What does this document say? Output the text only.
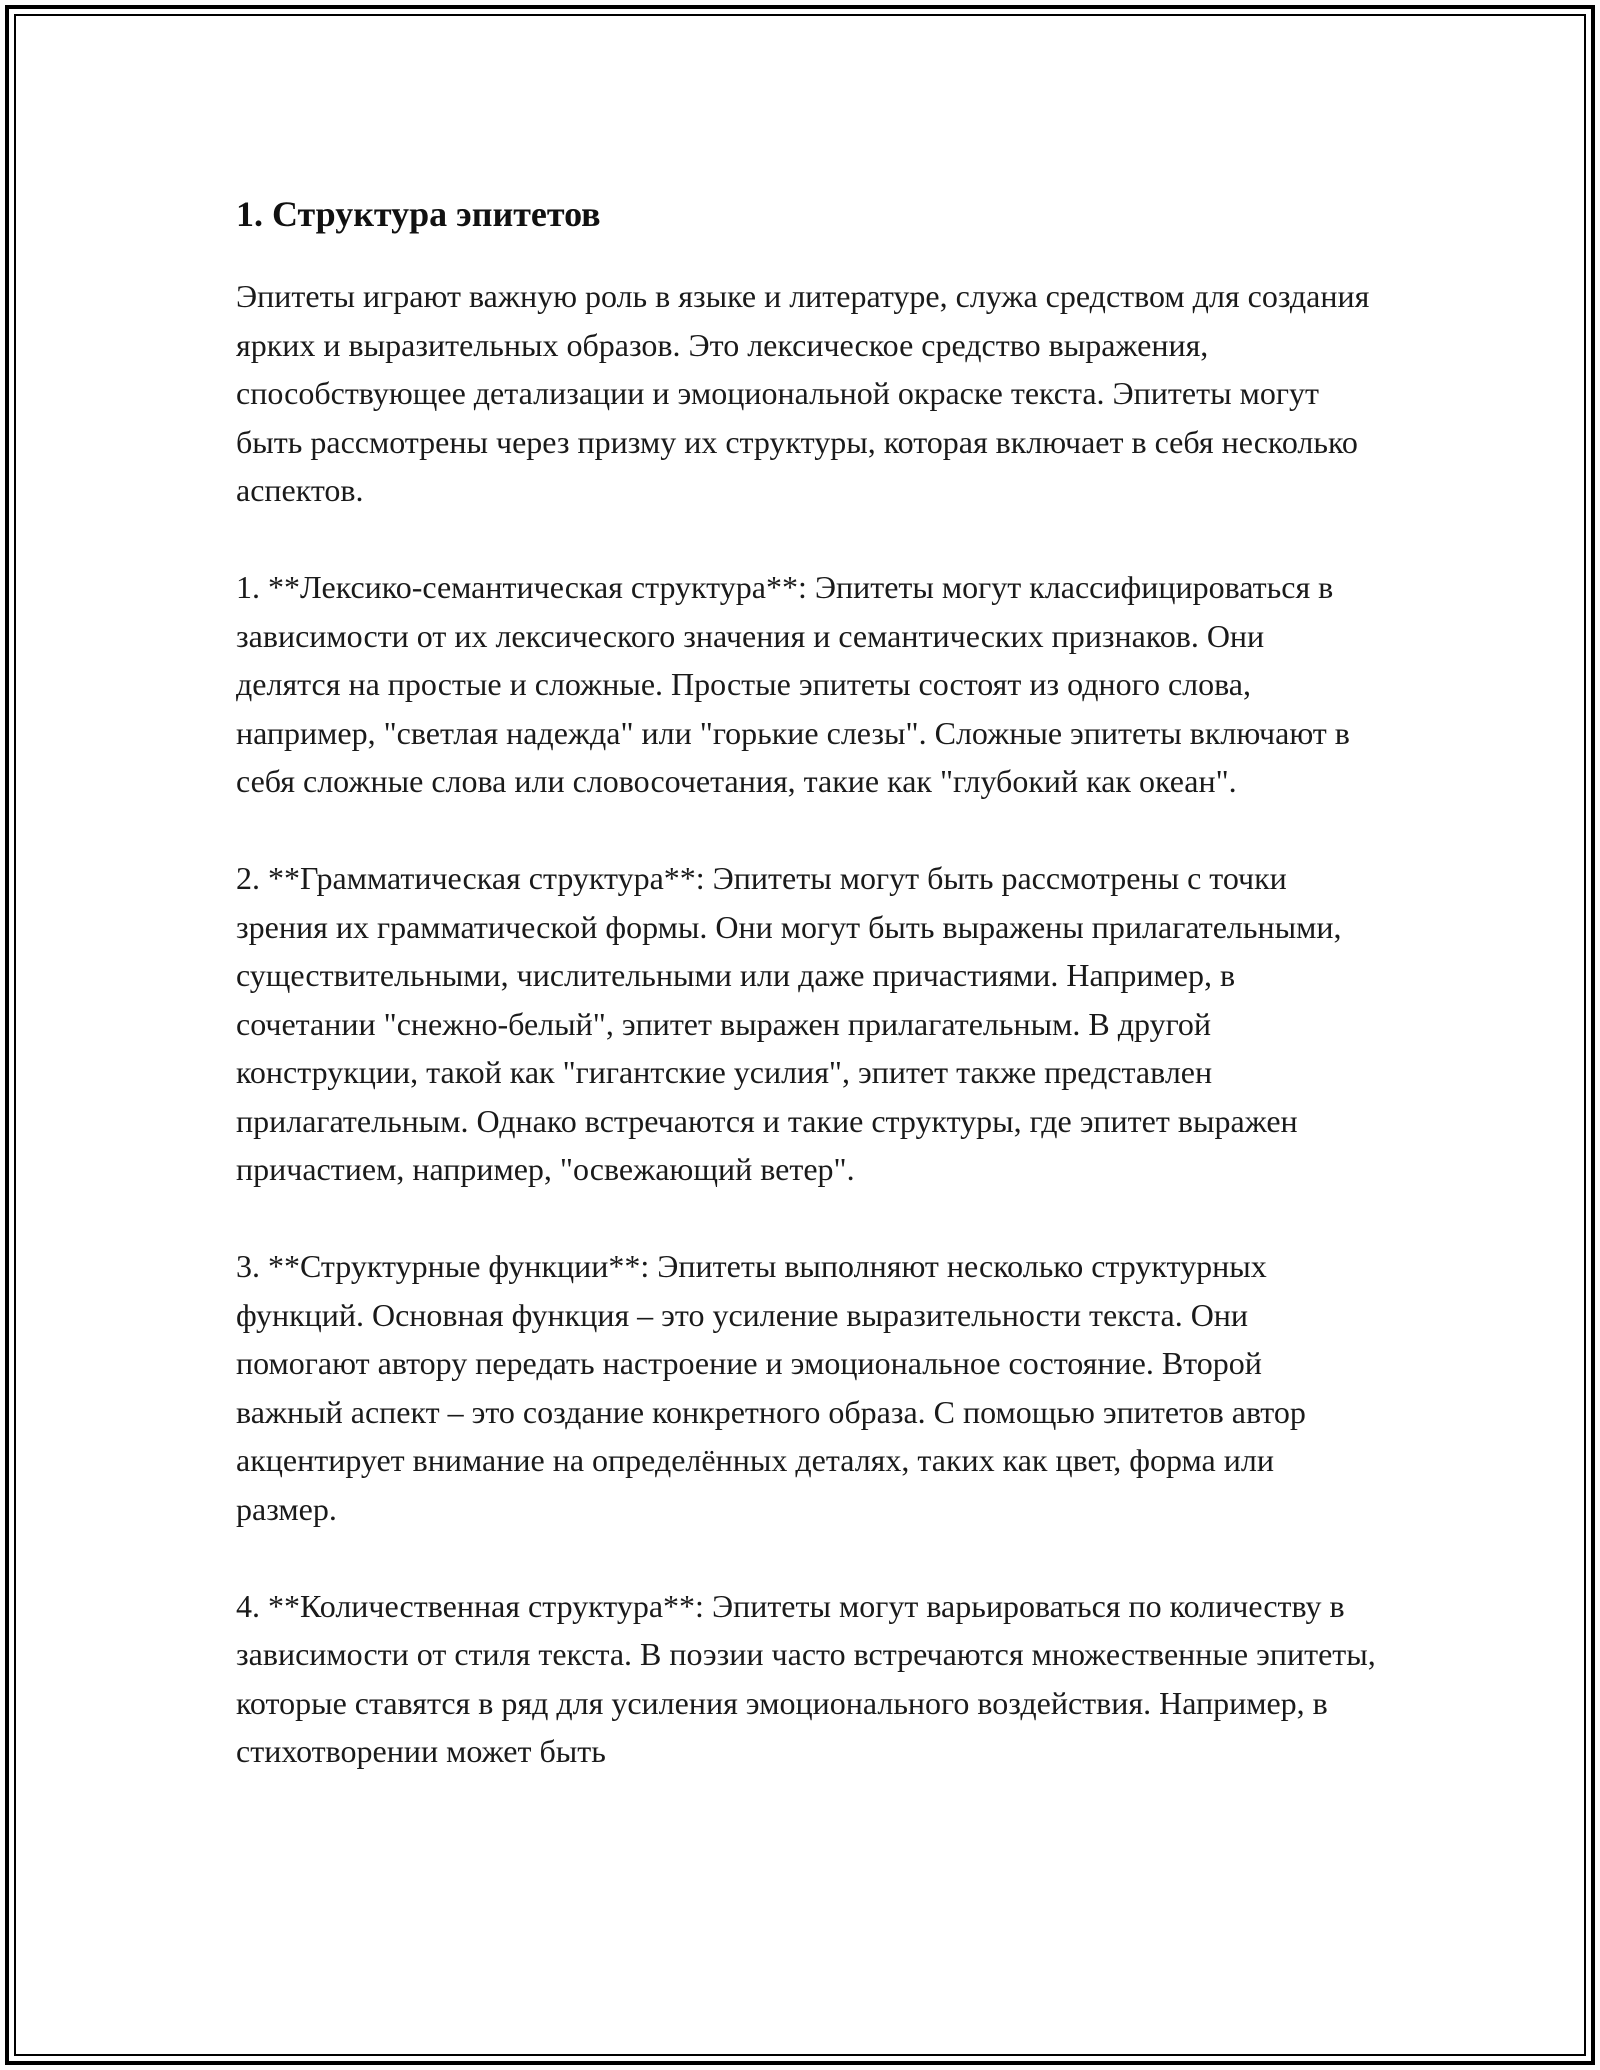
1. Структура эпитетов

Эпитеты играют важную роль в языке и литературе, служа средством для создания ярких и выразительных образов. Это лексическое средство выражения, способствующее детализации и эмоциональной окраске текста. Эпитеты могут быть рассмотрены через призму их структуры, которая включает в себя несколько аспектов.

1. **Лексико-семантическая структура**: Эпитеты могут классифицироваться в зависимости от их лексического значения и семантических признаков. Они делятся на простые и сложные. Простые эпитеты состоят из одного слова, например, "светлая надежда" или "горькие слезы". Сложные эпитеты включают в себя сложные слова или словосочетания, такие как "глубокий как океан".

2. **Грамматическая структура**: Эпитеты могут быть рассмотрены с точки зрения их грамматической формы. Они могут быть выражены прилагательными, существительными, числительными или даже причастиями. Например, в сочетании "снежно-белый", эпитет выражен прилагательным. В другой конструкции, такой как "гигантские усилия", эпитет также представлен прилагательным. Однако встречаются и такие структуры, где эпитет выражен причастием, например, "освежающий ветер".

3. **Структурные функции**: Эпитеты выполняют несколько структурных функций. Основная функция – это усиление выразительности текста. Они помогают автору передать настроение и эмоциональное состояние. Второй важный аспект – это создание конкретного образа. С помощью эпитетов автор акцентирует внимание на определённых деталях, таких как цвет, форма или размер.

4. **Количественная структура**: Эпитеты могут варьироваться по количеству в зависимости от стиля текста. В поэзии часто встречаются множественные эпитеты, которые ставятся в ряд для усиления эмоционального воздействия. Например, в стихотворении может быть
